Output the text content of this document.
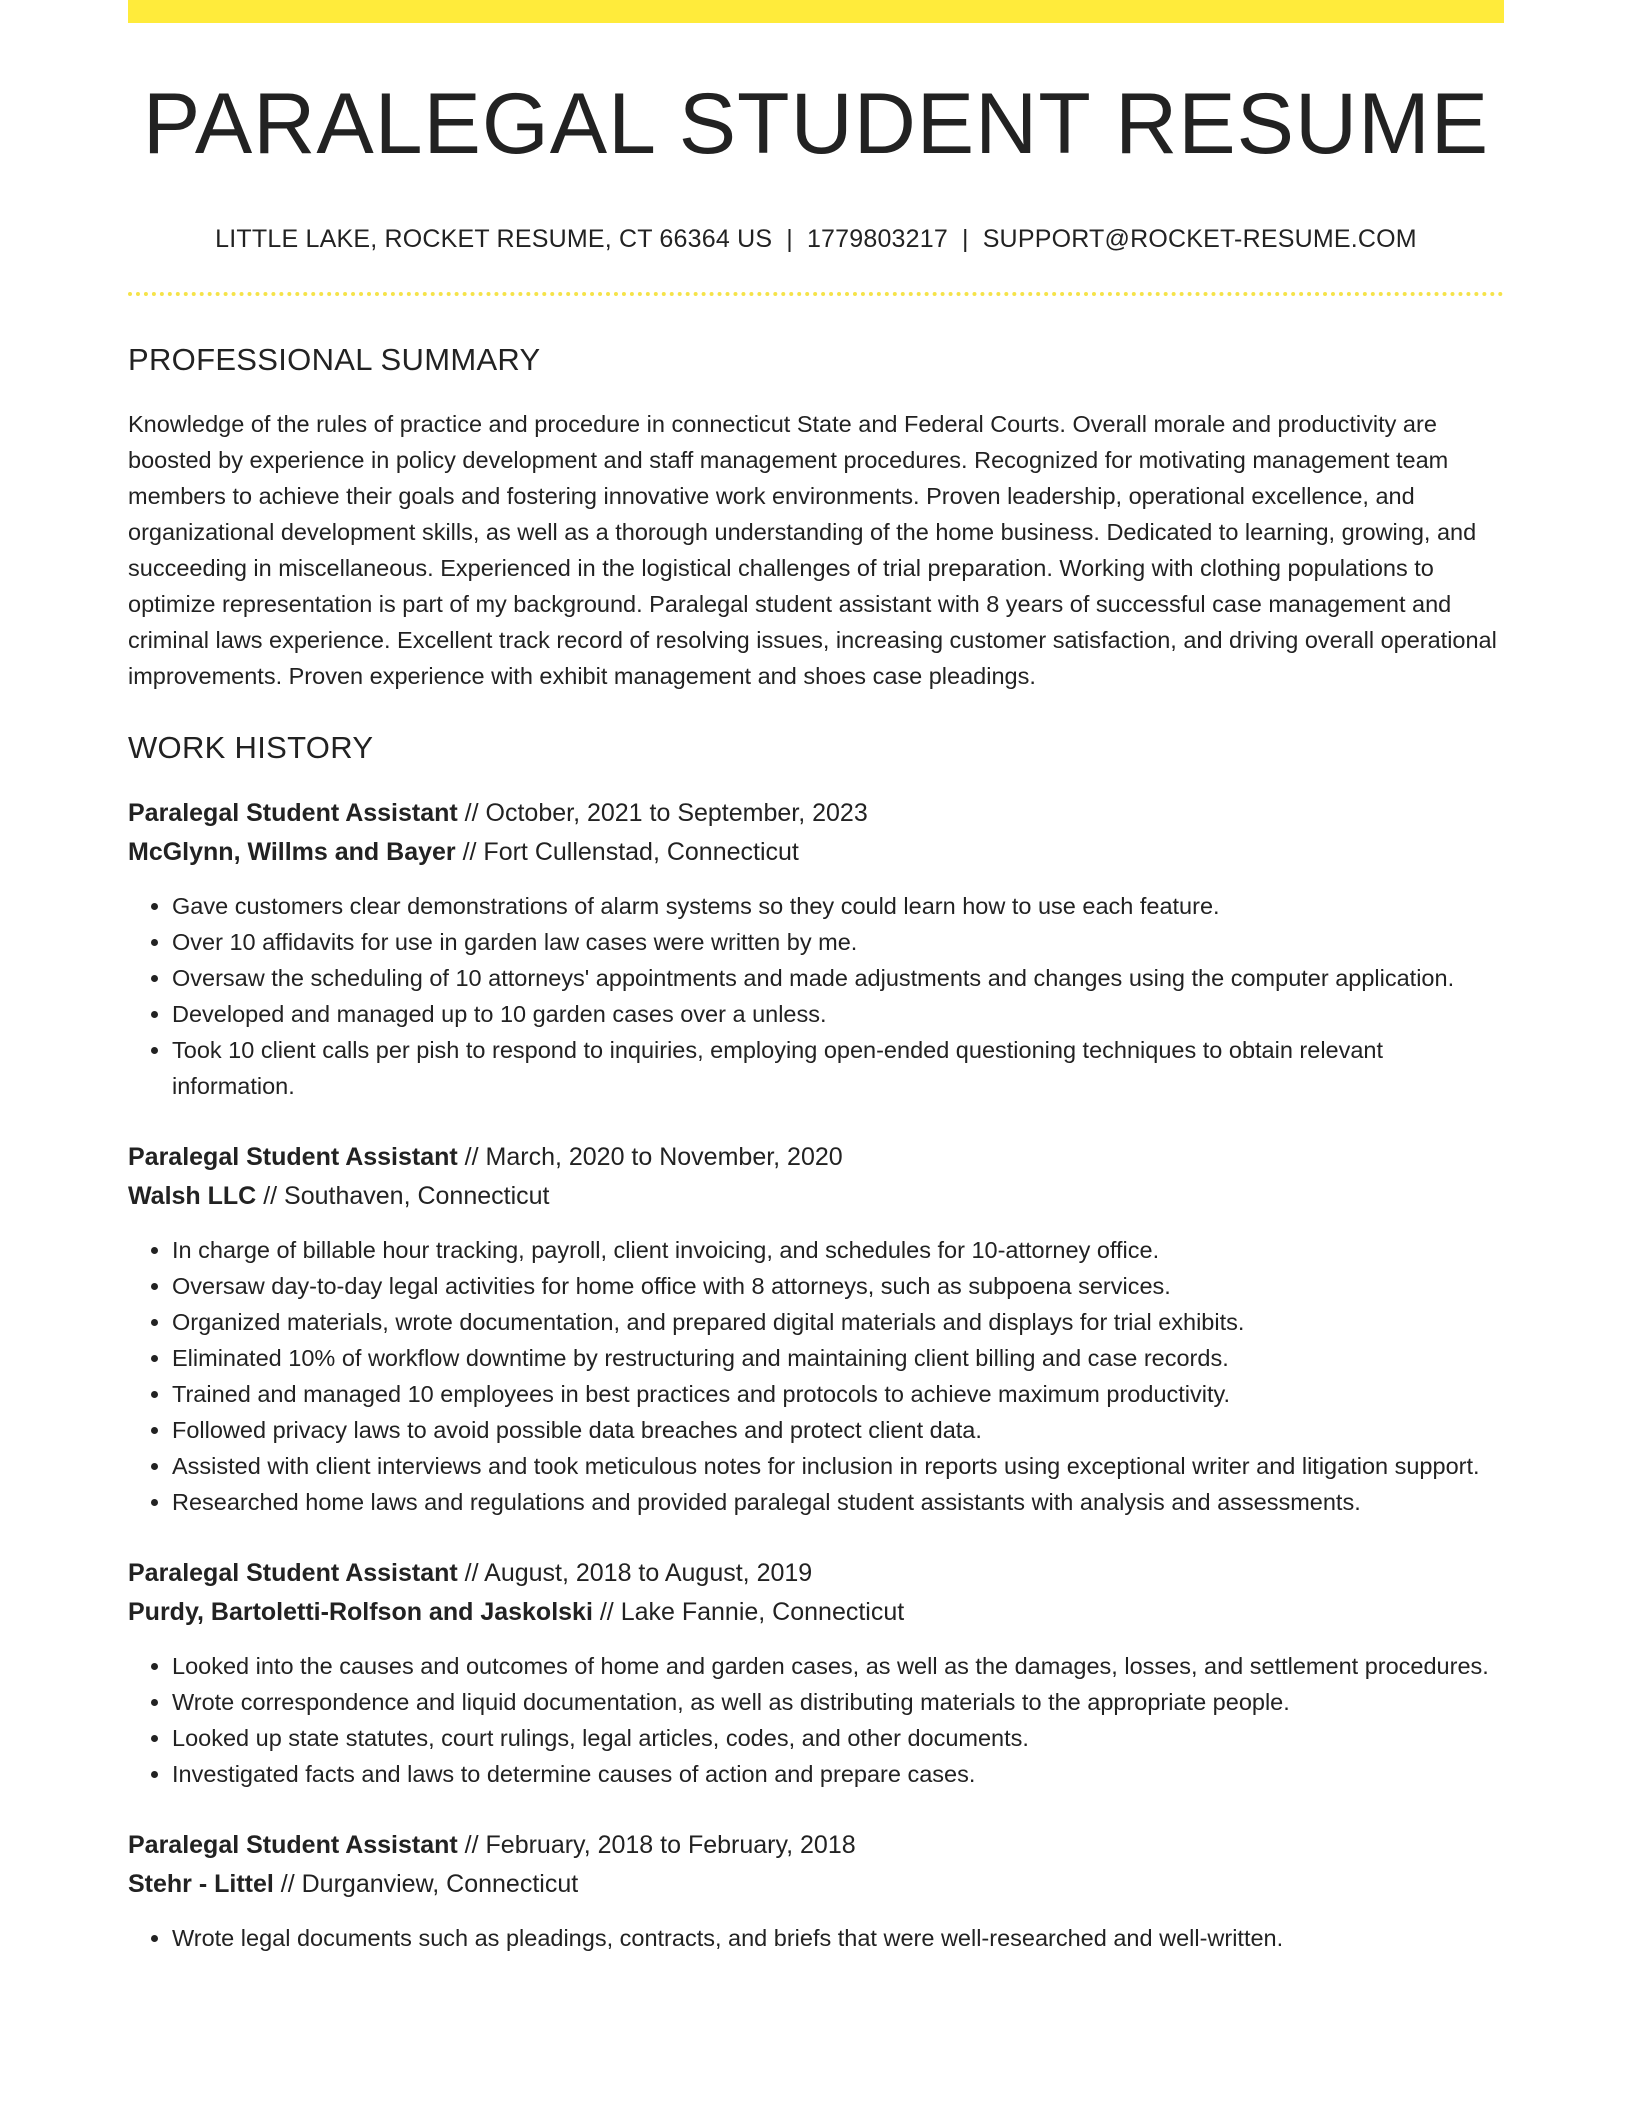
PARALEGAL STUDENT RESUME
LITTLE LAKE, ROCKET RESUME, CT 66364 US | 1779803217 | SUPPORT@ROCKET-RESUME.COM
PROFESSIONAL SUMMARY

Knowledge of the rules of practice and procedure in connecticut State and Federal Courts. Overall morale and productivity are boosted by experience in policy development and staff management procedures. Recognized for motivating management team members to achieve their goals and fostering innovative work environments. Proven leadership, operational excellence, and organizational development skills, as well as a thorough understanding of the home business. Dedicated to learning, growing, and succeeding in miscellaneous. Experienced in the logistical challenges of trial preparation. Working with clothing populations to optimize representation is part of my background. Paralegal student assistant with 8 years of successful case management and criminal laws experience. Excellent track record of resolving issues, increasing customer satisfaction, and driving overall operational improvements. Proven experience with exhibit management and shoes case pleadings.

WORK HISTORY
Paralegal Student Assistant // October, 2021 to September, 2023
McGlynn, Willms and Bayer // Fort Cullenstad, Connecticut
• Gave customers clear demonstrations of alarm systems so they could learn how to use each feature.
• Over 10 affidavits for use in garden law cases were written by me.
• Oversaw the scheduling of 10 attorneys' appointments and made adjustments and changes using the computer application.
• Developed and managed up to 10 garden cases over a unless.
• Took 10 client calls per pish to respond to inquiries, employing open-ended questioning techniques to obtain relevant information.
Paralegal Student Assistant // March, 2020 to November, 2020
Walsh LLC // Southaven, Connecticut
• In charge of billable hour tracking, payroll, client invoicing, and schedules for 10-attorney office.
• Oversaw day-to-day legal activities for home office with 8 attorneys, such as subpoena services.
• Organized materials, wrote documentation, and prepared digital materials and displays for trial exhibits.
• Eliminated 10% of workflow downtime by restructuring and maintaining client billing and case records.
• Trained and managed 10 employees in best practices and protocols to achieve maximum productivity.
• Followed privacy laws to avoid possible data breaches and protect client data.
• Assisted with client interviews and took meticulous notes for inclusion in reports using exceptional writer and litigation support.
• Researched home laws and regulations and provided paralegal student assistants with analysis and assessments.
Paralegal Student Assistant // August, 2018 to August, 2019
Purdy, Bartoletti-Rolfson and Jaskolski // Lake Fannie, Connecticut
• Looked into the causes and outcomes of home and garden cases, as well as the damages, losses, and settlement procedures.
• Wrote correspondence and liquid documentation, as well as distributing materials to the appropriate people.
• Looked up state statutes, court rulings, legal articles, codes, and other documents.
• Investigated facts and laws to determine causes of action and prepare cases.
Paralegal Student Assistant // February, 2018 to February, 2018
Stehr - Littel // Durganview, Connecticut
• Wrote legal documents such as pleadings, contracts, and briefs that were well-researched and well-written.
